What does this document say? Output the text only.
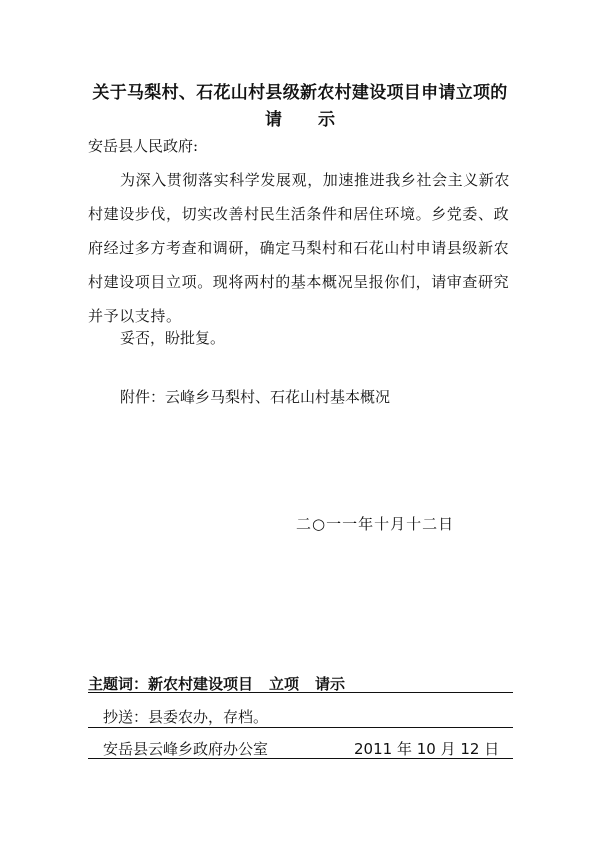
关于马梨村、石花山村县级新农村建设项目申请立项的
请 示
安岳县人民政府:
为深入贯彻落实科学发展观，加速推进我乡社会主义新农村建设步伐，切实改善村民生活条件和居住环境。乡党委、政府经过多方考查和调研，确定马梨村和石花山村申请县级新农村建设项目立项。现将两村的基本概况呈报你们，请审查研究并予以支持。
妥否，盼批复。
附件：云峰乡马梨村、石花山村基本概况
二○一一年十月十二日
主题词：新农村建设项目 立项 请示
抄送：县委农办，存档。
安岳县云峰乡政府办公室	2011 年 10 月 12 日
